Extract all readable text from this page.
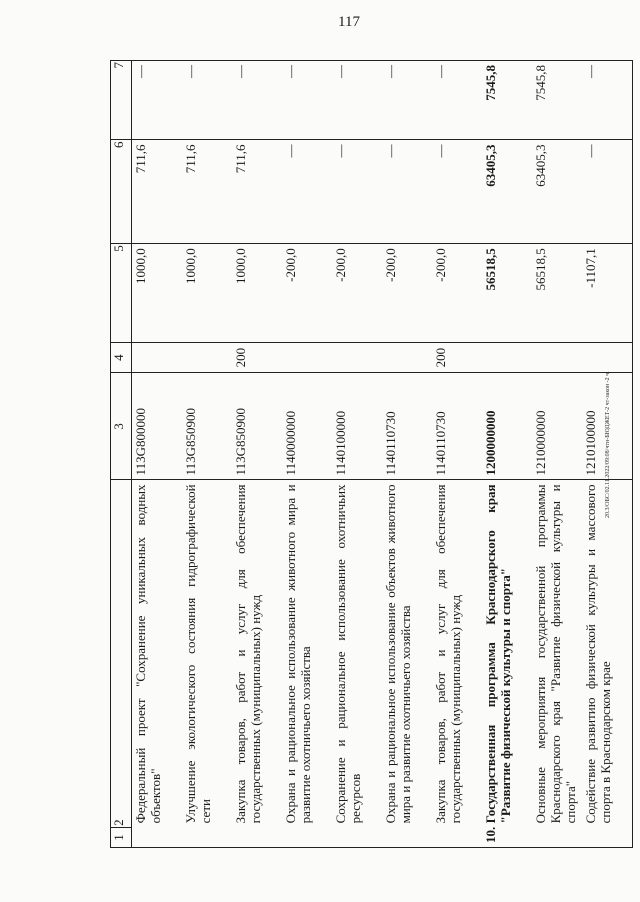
117
20.3/ОБС/02.11.2022/09:08/чтн-БЮДЖЕТ-2 чт-закон -2 ч.
1	2	3	4	5	6	7
	Федеральный проект "Сохранение уникальных водных объектов"	113G800000		1000,0	711,6	—
	Улучшение экологического состояния гидрографической сети	113G850900		1000,0	711,6	—
	Закупка товаров, работ и услуг для обеспечения государственных (муниципальных) нужд	113G850900	200	1000,0	711,6	—
	Охрана и рациональное использование животного мира и развитие охотничьего хозяйства	1140000000		-200,0	—	—
	Сохранение и рациональное использование охотничьих ресурсов	1140100000		-200,0	—	—
	Охрана и рациональное использование объектов животного мира и развитие охотничьего хозяйства	1140110730		-200,0	—	—
	Закупка товаров, работ и услуг для обеспечения государственных (муниципальных) нужд	1140110730	200	-200,0	—	—
10.	Государственная программа Краснодарского края "Развитие физической культуры и спорта"	1200000000		56518,5	63405,3	7545,8
	Основные мероприятия государственной программы Краснодарского края "Развитие физической культуры и спорта"	1210000000		56518,5	63405,3	7545,8
	Содействие развитию физической культуры и массового спорта в Краснодарском крае	1210100000		-1107,1	—	—
